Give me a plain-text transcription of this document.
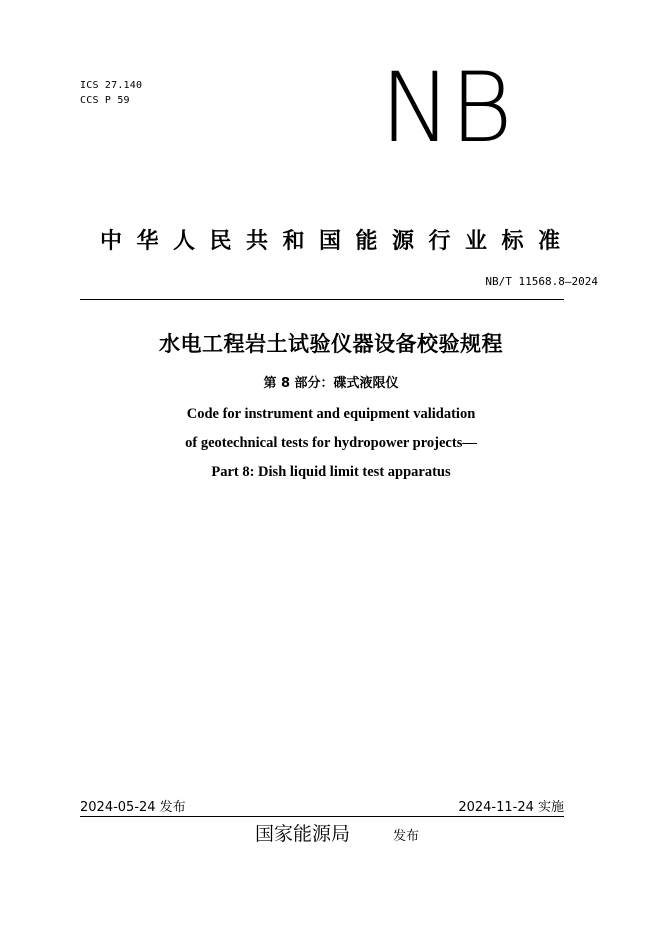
ICS 27.140
CCS P 59	NB
中华人民共和国能源行业标准
NB/T 11568.8—2024
水电工程岩土试验仪器设备校验规程
第 8 部分：碟式液限仪
Code for instrument and equipment validation
of geotechnical tests for hydropower projects—
Part 8: Dish liquid limit test apparatus
2024-05-24 发布	2024-11-24 实施
国家能源局	发布
